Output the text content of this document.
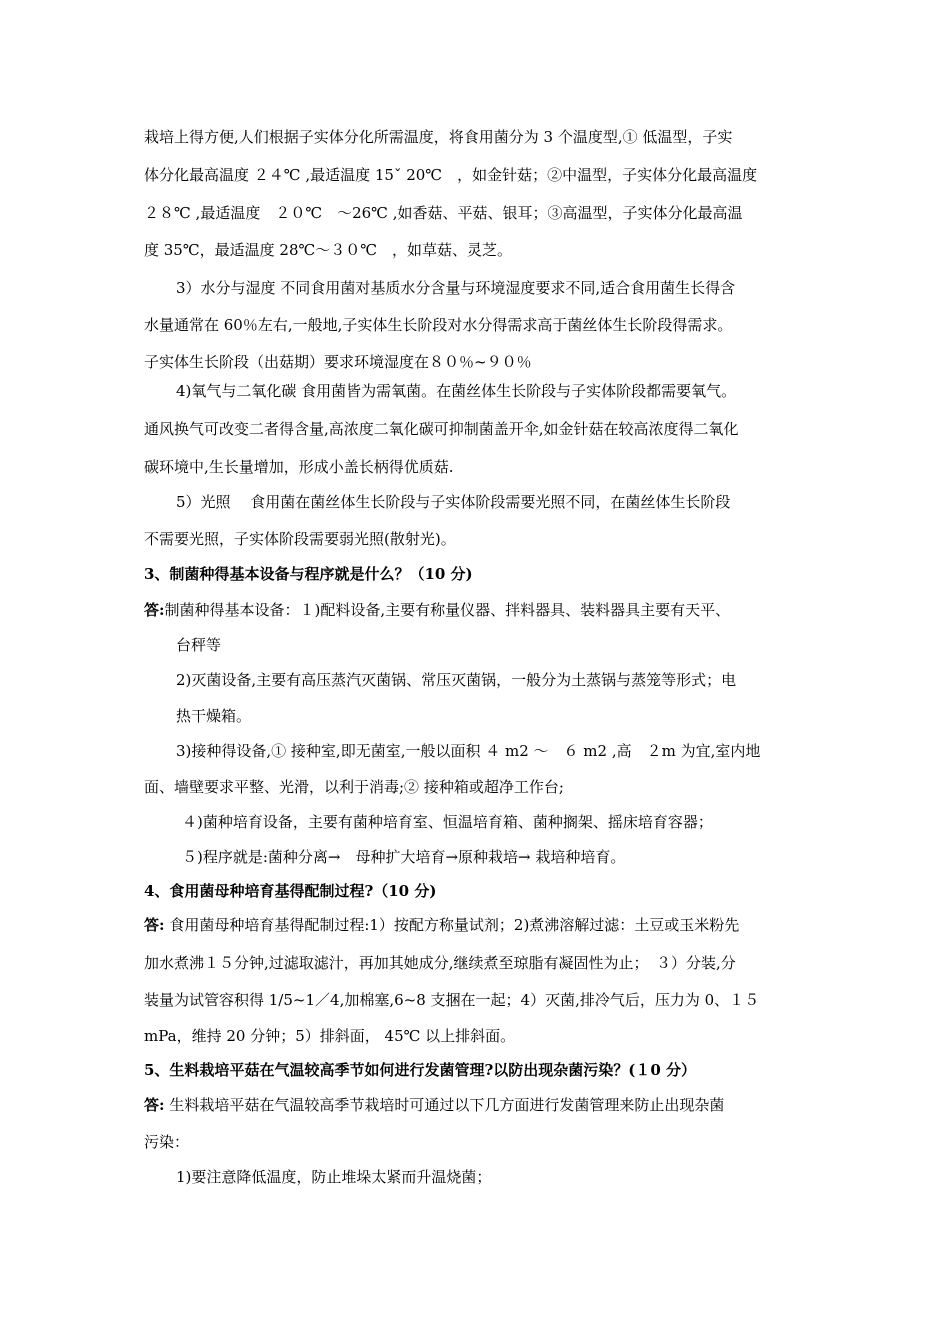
栽培上得方便,人们根据子实体分化所需温度，将食用菌分为 3 个温度型,① 低温型，子实
体分化最高温度 ２４℃ ,最适温度 15ˇ 20℃　，如金针菇；②中温型，子实体分化最高温度
２８℃ ,最适温度　２０℃　～26℃ ,如香菇、平菇、银耳；③高温型，子实体分化最高温
度 35℃，最适温度 28℃～３０℃　，如草菇、灵芝。
3）水分与湿度 不同食用菌对基质水分含量与环境湿度要求不同,适合食用菌生长得含
水量通常在 60％左右,一般地,子实体生长阶段对水分得需求高于菌丝体生长阶段得需求。
子实体生长阶段（出菇期）要求环境湿度在８０％~９０％
4)氧气与二氧化碳 食用菌皆为需氧菌。在菌丝体生长阶段与子实体阶段都需要氧气。
通风换气可改变二者得含量,高浓度二氧化碳可抑制菌盖开伞,如金针菇在较高浓度得二氧化
碳环境中,生长量增加，形成小盖长柄得优质菇.
5）光照　 食用菌在菌丝体生长阶段与子实体阶段需要光照不同，在菌丝体生长阶段
不需要光照，子实体阶段需要弱光照(散射光)。
3、制菌种得基本设备与程序就是什么？（10 分)
答:制菌种得基本设备：１)配料设备,主要有称量仪器、拌料器具、装料器具主要有天平、
台秤等
2)灭菌设备,主要有高压蒸汽灭菌锅、常压灭菌锅，一般分为土蒸锅与蒸笼等形式；电
热干燥箱。
3)接种得设备,① 接种室,即无菌室,一般以面积 ４ m2 ～　６ m2 ,高　２m 为宜,室内地
面、墙壁要求平整、光滑，以利于消毒;② 接种箱或超净工作台;
４)菌种培育设备，主要有菌种培育室、恒温培育箱、菌种搁架、摇床培育容器；
５)程序就是:菌种分离→　母种扩大培育→原种栽培→ 栽培种培育。
4、食用菌母种培育基得配制过程?（10 分)
答: 食用菌母种培育基得配制过程:1）按配方称量试剂；2)煮沸溶解过滤：土豆或玉米粉先
加水煮沸１５分钟,过滤取滤汁，再加其她成分,继续煮至琼脂有凝固性为止；　３）分装,分
装量为试管容积得 1/5~1／4,加棉塞,6~8 支捆在一起；4）灭菌,排冷气后，压力为 0、１５
mPa，维持 20 分钟；5）排斜面， 45℃ 以上排斜面。
5、生料栽培平菇在气温较高季节如何进行发菌管理?以防出现杂菌污染？(１0 分）
答: 生料栽培平菇在气温较高季节栽培时可通过以下几方面进行发菌管理来防止出现杂菌
污染：
1)要注意降低温度，防止堆垛太紧而升温烧菌；
